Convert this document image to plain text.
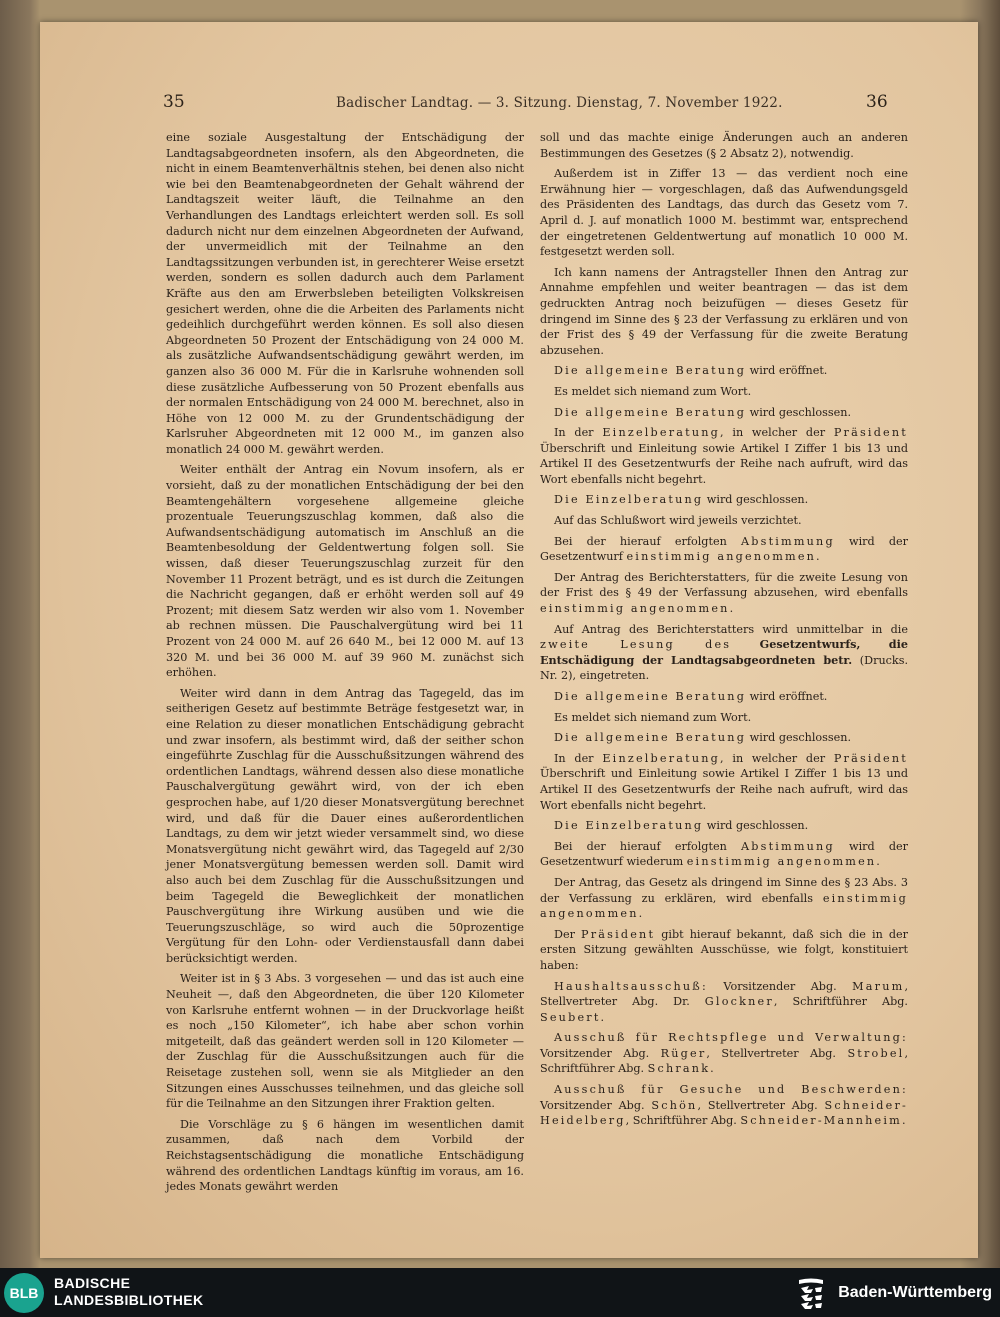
35	Badischer Landtag. — 3. Sitzung. Dienstag, 7. November 1922.	36

eine soziale Ausgestaltung der Entschädigung der Landtagsabgeordneten insofern, als den Abgeordneten, die nicht in einem Beamtenverhältnis stehen, bei denen also nicht wie bei den Beamtenabgeordneten der Gehalt während der Landtagszeit weiter läuft, die Teilnahme an den Verhandlungen des Landtags erleichtert werden soll. Es soll dadurch nicht nur dem einzelnen Abgeordneten der Aufwand, der unvermeidlich mit der Teilnahme an den Landtagssitzungen verbunden ist, in gerechterer Weise ersetzt werden, sondern es sollen dadurch auch dem Parlament Kräfte aus den am Erwerbsleben beteiligten Volkskreisen gesichert werden, ohne die die Arbeiten des Parlaments nicht gedeihlich durchgeführt werden können. Es soll also diesen Abgeordneten 50 Prozent der Entschädigung von 24 000 M. als zusätzliche Aufwandsentschädigung gewährt werden, im ganzen also 36 000 M. Für die in Karlsruhe wohnenden soll diese zusätzliche Aufbesserung von 50 Prozent ebenfalls aus der normalen Entschädigung von 24 000 M. berechnet, also in Höhe von 12 000 M. zu der Grundentschädigung der Karlsruher Abgeordneten mit 12 000 M., im ganzen also monatlich 24 000 M. gewährt werden.

Weiter enthält der Antrag ein Novum insofern, als er vorsieht, daß zu der monatlichen Entschädigung der bei den Beamtengehältern vorgesehene allgemeine gleiche prozentuale Teuerungszuschlag kommen, daß also die Aufwandsentschädigung automatisch im Anschluß an die Beamtenbesoldung der Geldentwertung folgen soll. Sie wissen, daß dieser Teuerungszuschlag zurzeit für den November 11 Prozent beträgt, und es ist durch die Zeitungen die Nachricht gegangen, daß er erhöht werden soll auf 49 Prozent; mit diesem Satz werden wir also vom 1. November ab rechnen müssen. Die Pauschalvergütung wird bei 11 Prozent von 24 000 M. auf 26 640 M., bei 12 000 M. auf 13 320 M. und bei 36 000 M. auf 39 960 M. zunächst sich erhöhen.

Weiter wird dann in dem Antrag das Tagegeld, das im seitherigen Gesetz auf bestimmte Beträge festgesetzt war, in eine Relation zu dieser monatlichen Entschädigung gebracht und zwar insofern, als bestimmt wird, daß der seither schon eingeführte Zuschlag für die Ausschußsitzungen während des ordentlichen Landtags, während dessen also diese monatliche Pauschalvergütung gewährt wird, von der ich eben gesprochen habe, auf 1/20 dieser Monatsvergütung berechnet wird, und daß für die Dauer eines außerordentlichen Landtags, zu dem wir jetzt wieder versammelt sind, wo diese Monatsvergütung nicht gewährt wird, das Tagegeld auf 2/30 jener Monatsvergütung bemessen werden soll. Damit wird also auch bei dem Zuschlag für die Ausschußsitzungen und beim Tagegeld die Beweglichkeit der monatlichen Pauschvergütung ihre Wirkung ausüben und wie die Teuerungszuschläge, so wird auch die 50prozentige Vergütung für den Lohn- oder Verdienstausfall dann dabei berücksichtigt werden.

Weiter ist in § 3 Abs. 3 vorgesehen — und das ist auch eine Neuheit —, daß den Abgeordneten, die über 120 Kilometer von Karlsruhe entfernt wohnen — in der Druckvorlage heißt es noch „150 Kilometer“, ich habe aber schon vorhin mitgeteilt, daß das geändert werden soll in 120 Kilometer — der Zuschlag für die Ausschußsitzungen auch für die Reisetage zustehen soll, wenn sie als Mitglieder an den Sitzungen eines Ausschusses teilnehmen, und das gleiche soll für die Teilnahme an den Sitzungen ihrer Fraktion gelten.

Die Vorschläge zu § 6 hängen im wesentlichen damit zusammen, daß nach dem Vorbild der Reichstagsentschädigung die monatliche Entschädigung während des ordentlichen Landtags künftig im voraus, am 16. jedes Monats gewährt werden

soll und das machte einige Änderungen auch an anderen Bestimmungen des Gesetzes (§ 2 Absatz 2), notwendig.

Außerdem ist in Ziffer 13 — das verdient noch eine Erwähnung hier — vorgeschlagen, daß das Aufwendungsgeld des Präsidenten des Landtags, das durch das Gesetz vom 7. April d. J. auf monatlich 1000 M. bestimmt war, entsprechend der eingetretenen Geldentwertung auf monatlich 10 000 M. festgesetzt werden soll.

Ich kann namens der Antragsteller Ihnen den Antrag zur Annahme empfehlen und weiter beantragen — das ist dem gedruckten Antrag noch beizufügen — dieses Gesetz für dringend im Sinne des § 23 der Verfassung zu erklären und von der Frist des § 49 der Verfassung für die zweite Beratung abzusehen.

Die allgemeine Beratung wird eröffnet.

Es meldet sich niemand zum Wort.

Die allgemeine Beratung wird geschlossen.

In der Einzelberatung, in welcher der Präsident Überschrift und Einleitung sowie Artikel I Ziffer 1 bis 13 und Artikel II des Gesetzentwurfs der Reihe nach aufruft, wird das Wort ebenfalls nicht begehrt.

Die Einzelberatung wird geschlossen.

Auf das Schlußwort wird jeweils verzichtet.

Bei der hierauf erfolgten Abstimmung wird der Gesetzentwurf einstimmig angenommen.

Der Antrag des Berichterstatters, für die zweite Lesung von der Frist des § 49 der Verfassung abzusehen, wird ebenfalls einstimmig angenommen.

Auf Antrag des Berichterstatters wird unmittelbar in die zweite Lesung des Gesetzentwurfs, die Entschädigung der Landtagsabgeordneten betr. (Drucks. Nr. 2), eingetreten.

Die allgemeine Beratung wird eröffnet.

Es meldet sich niemand zum Wort.

Die allgemeine Beratung wird geschlossen.

In der Einzelberatung, in welcher der Präsident Überschrift und Einleitung sowie Artikel I Ziffer 1 bis 13 und Artikel II des Gesetzentwurfs der Reihe nach aufruft, wird das Wort ebenfalls nicht begehrt.

Die Einzelberatung wird geschlossen.

Bei der hierauf erfolgten Abstimmung wird der Gesetzentwurf wiederum einstimmig angenommen.

Der Antrag, das Gesetz als dringend im Sinne des § 23 Abs. 3 der Verfassung zu erklären, wird ebenfalls einstimmig angenommen.

Der Präsident gibt hierauf bekannt, daß sich die in der ersten Sitzung gewählten Ausschüsse, wie folgt, konstituiert haben:

Haushaltsausschuß: Vorsitzender Abg. Marum, Stellvertreter Abg. Dr. Glockner, Schriftführer Abg. Seubert.

Ausschuß für Rechtspflege und Verwaltung: Vorsitzender Abg. Rüger, Stellvertreter Abg. Strobel, Schriftführer Abg. Schrank.

Ausschuß für Gesuche und Beschwerden: Vorsitzender Abg. Schön, Stellvertreter Abg. Schneider-Heidelberg, Schriftführer Abg. Schneider-Mannheim.

BLB
BADISCHE
LANDESBIBLIOTHEK	Baden-Württemberg
